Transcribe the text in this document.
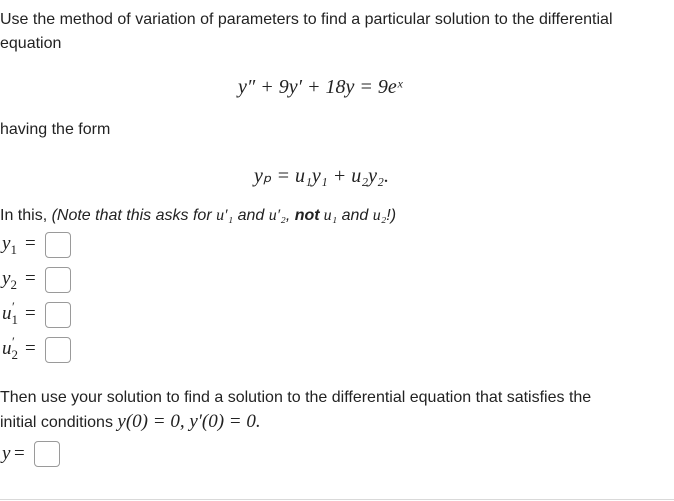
Use the method of variation of parameters to find a particular solution to the differential
equation
y″ + 9y′ + 18y = 9eˣ
having the form
yₚ = u₁y₁ + u₂y₂.
In this, (Note that this asks for u′₁ and u′₂, not u₁ and u₂!)
$y_1$ =
$y_2$ =
u ′
$_1$ =
u ′
$_2$ =
Then use your solution to find a solution to the differential equation that satisfies the
initial conditions y(0) = 0, y′(0) = 0.
y =
